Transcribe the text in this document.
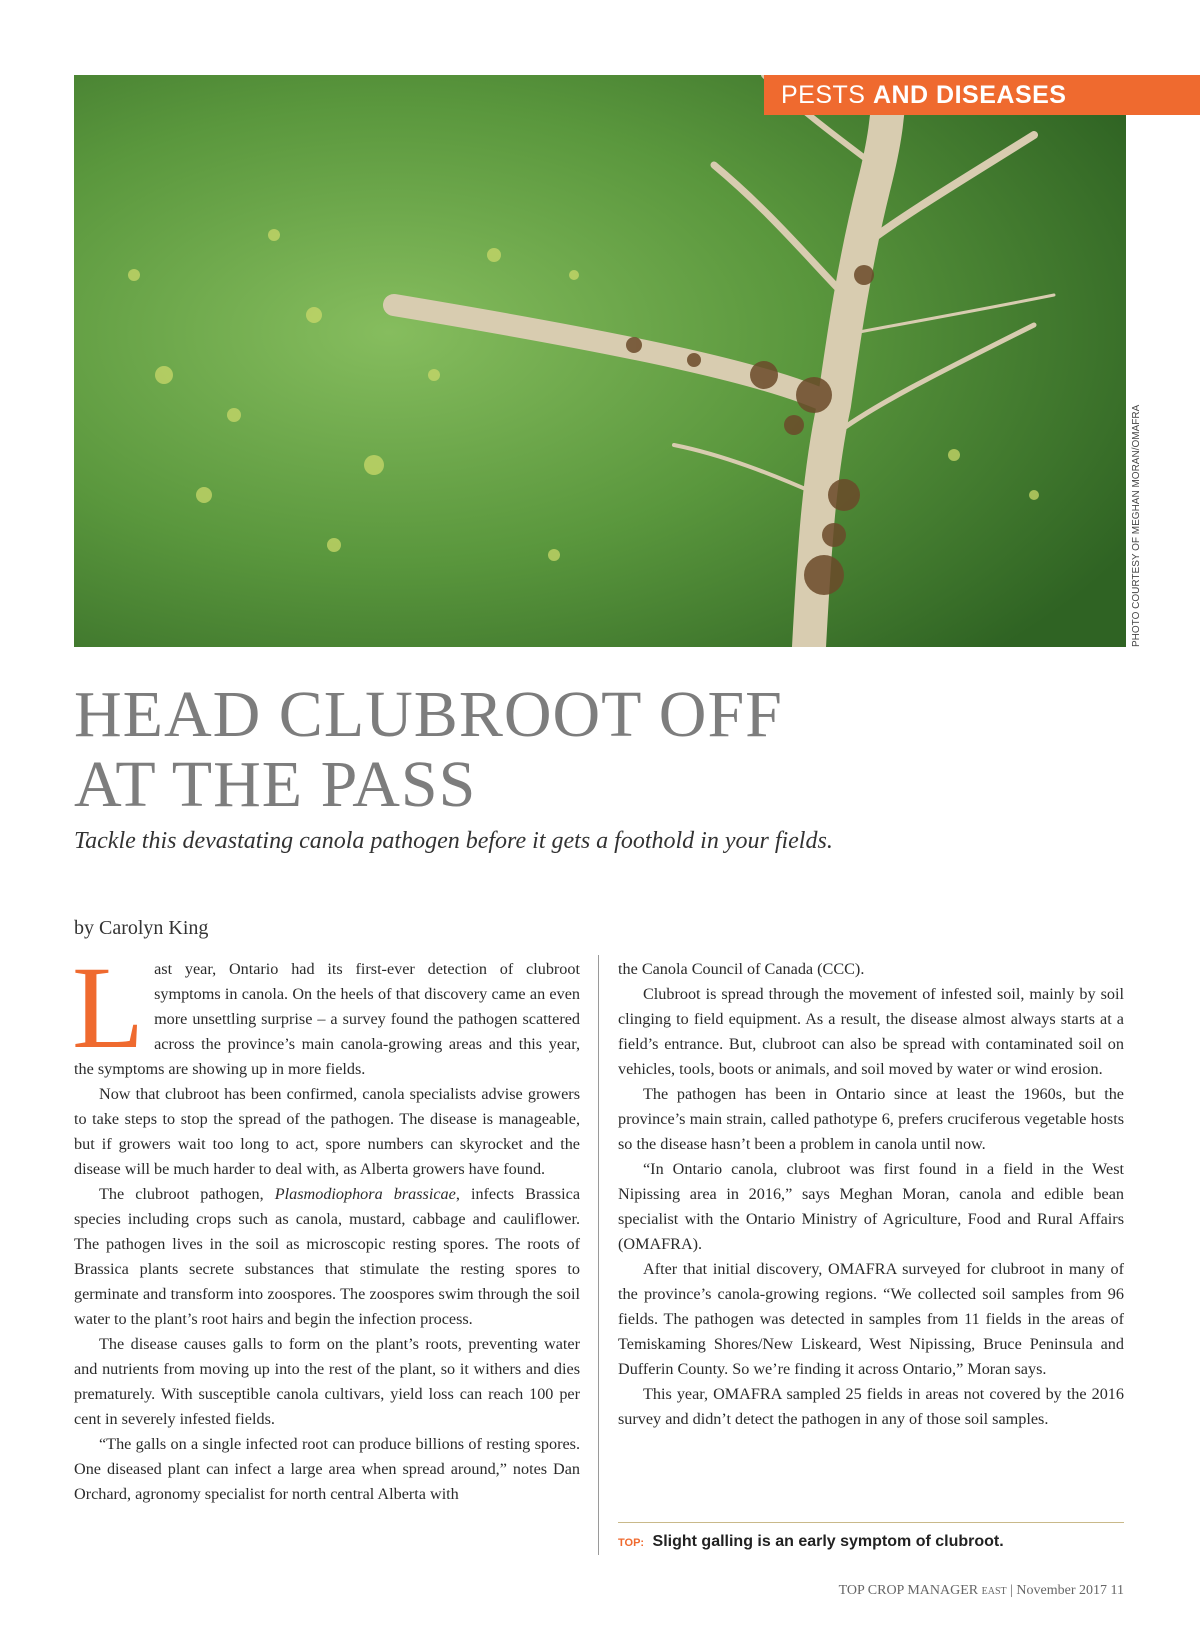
PESTS AND DISEASES
PHOTO COURTESY OF MEGHAN MORAN/OMAFRA
HEAD CLUBROOT OFF
AT THE PASS
Tackle this devastating canola pathogen before it gets a foothold in your fields.
by Carolyn King

Last year, Ontario had its first-ever detection of clubroot symptoms in canola. On the heels of that discovery came an even more unsettling surprise – a survey found the pathogen scattered across the province’s main canola-growing areas and this year, the symptoms are showing up in more fields.

Now that clubroot has been confirmed, canola specialists advise growers to take steps to stop the spread of the pathogen. The disease is manageable, but if growers wait too long to act, spore numbers can skyrocket and the disease will be much harder to deal with, as Alberta growers have found.

The clubroot pathogen, Plasmodiophora brassicae, infects Brassica species including crops such as canola, mustard, cabbage and cauliflower. The pathogen lives in the soil as microscopic resting spores. The roots of Brassica plants secrete substances that stimulate the resting spores to germinate and transform into zoospores. The zoospores swim through the soil water to the plant’s root hairs and begin the infection process.

The disease causes galls to form on the plant’s roots, preventing water and nutrients from moving up into the rest of the plant, so it withers and dies prematurely. With susceptible canola cultivars, yield loss can reach 100 per cent in severely infested fields.

“The galls on a single infected root can produce billions of resting spores. One diseased plant can infect a large area when spread around,” notes Dan Orchard, agronomy specialist for north central Alberta with

the Canola Council of Canada (CCC).

Clubroot is spread through the movement of infested soil, mainly by soil clinging to field equipment. As a result, the disease almost always starts at a field’s entrance. But, clubroot can also be spread with contaminated soil on vehicles, tools, boots or animals, and soil moved by water or wind erosion.

The pathogen has been in Ontario since at least the 1960s, but the province’s main strain, called pathotype 6, prefers cruciferous vegetable hosts so the disease hasn’t been a problem in canola until now.

“In Ontario canola, clubroot was first found in a field in the West Nipissing area in 2016,” says Meghan Moran, canola and edible bean specialist with the Ontario Ministry of Agriculture, Food and Rural Affairs (OMAFRA).

After that initial discovery, OMAFRA surveyed for clubroot in many of the province’s canola-growing regions. “We collected soil samples from 96 fields. The pathogen was detected in samples from 11 fields in the areas of Temiskaming Shores/New Liskeard, West Nipissing, Bruce Peninsula and Dufferin County. So we’re finding it across Ontario,” Moran says.

This year, OMAFRA sampled 25 fields in areas not covered by the 2016 survey and didn’t detect the pathogen in any of those soil samples.

TOP: Slight galling is an early symptom of clubroot.
TOP CROP MANAGER EAST | November 2017 11
